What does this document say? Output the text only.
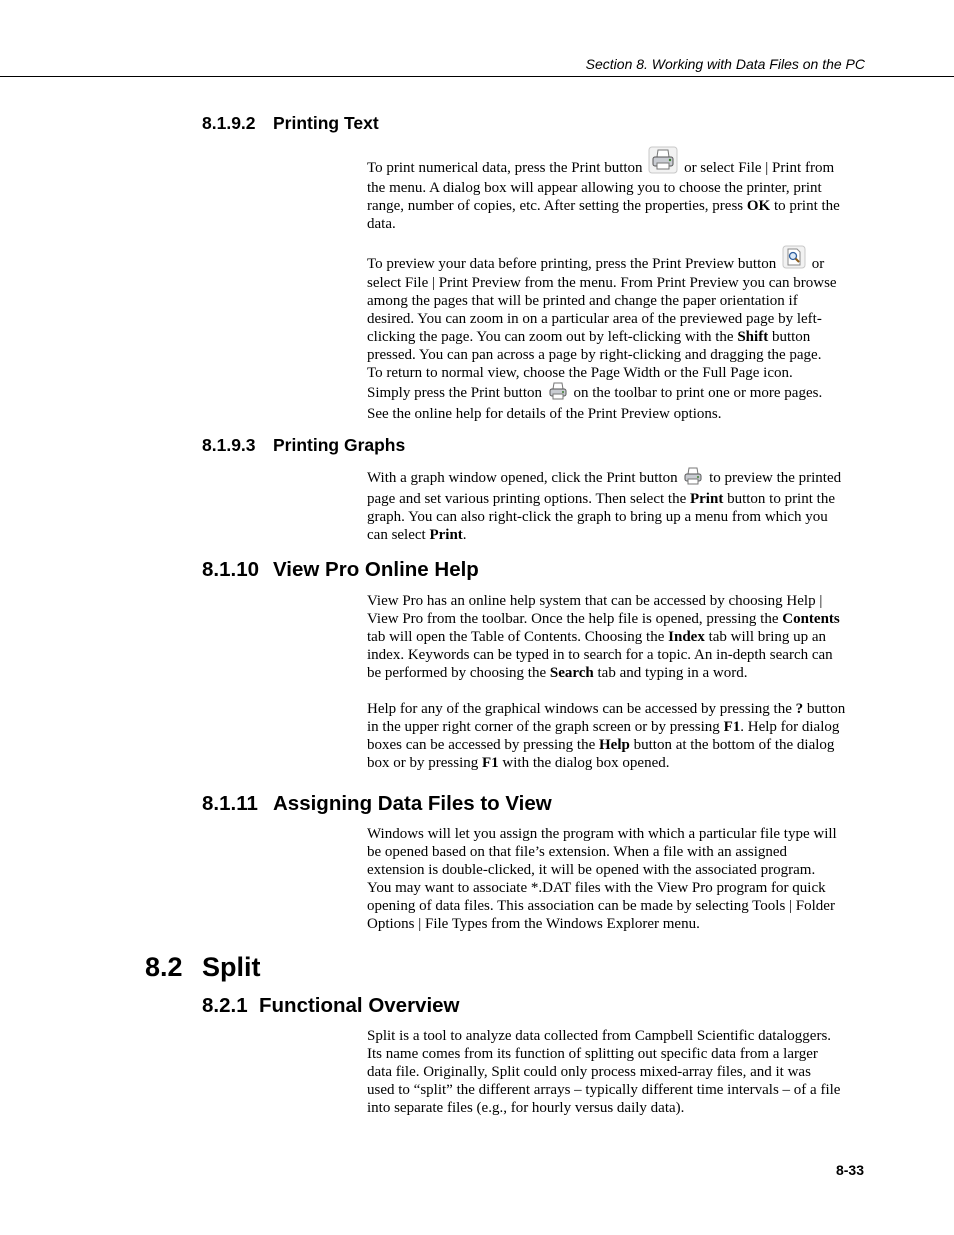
Section 8. Working with Data Files on the PC
8.1.9.2 Printing Text
To print numerical data, press the Print button	or select File | Print from
the menu. A dialog box will appear allowing you to choose the printer, print
range, number of copies, etc. After setting the properties, press OK to print the
data.
To preview your data before printing, press the Print Preview button or
select File | Print Preview from the menu. From Print Preview you can browse
among the pages that will be printed and change the paper orientation if
desired. You can zoom in on a particular area of the previewed page by left-
clicking the page. You can zoom out by left-clicking with the Shift button
pressed. You can pan across a page by right-clicking and dragging the page.
To return to normal view, choose the Page Width or the Full Page icon.
Simply press the Print button on the toolbar to print one or more pages.
See the online help for details of the Print Preview options.
8.1.9.3 Printing Graphs
With a graph window opened, click the Print button to preview the printed
page and set various printing options. Then select the Print button to print the
graph. You can also right-click the graph to bring up a menu from which you
can select Print.
8.1.10 View Pro Online Help
View Pro has an online help system that can be accessed by choosing Help |
View Pro from the toolbar. Once the help file is opened, pressing the Contents
tab will open the Table of Contents. Choosing the Index tab will bring up an
index. Keywords can be typed in to search for a topic. An in-depth search can
be performed by choosing the Search tab and typing in a word.
Help for any of the graphical windows can be accessed by pressing the ? button
in the upper right corner of the graph screen or by pressing F1. Help for dialog
boxes can be accessed by pressing the Help button at the bottom of the dialog
box or by pressing F1 with the dialog box opened.
8.1.11 Assigning Data Files to View
Windows will let you assign the program with which a particular file type will
be opened based on that file’s extension. When a file with an assigned
extension is double-clicked, it will be opened with the associated program.
You may want to associate *.DAT files with the View Pro program for quick
opening of data files. This association can be made by selecting Tools | Folder
Options | File Types from the Windows Explorer menu.
8.2 Split
8.2.1 Functional Overview
Split is a tool to analyze data collected from Campbell Scientific dataloggers.
Its name comes from its function of splitting out specific data from a larger
data file. Originally, Split could only process mixed-array files, and it was
used to “split” the different arrays – typically different time intervals – of a file
into separate files (e.g., for hourly versus daily data).
8-33
